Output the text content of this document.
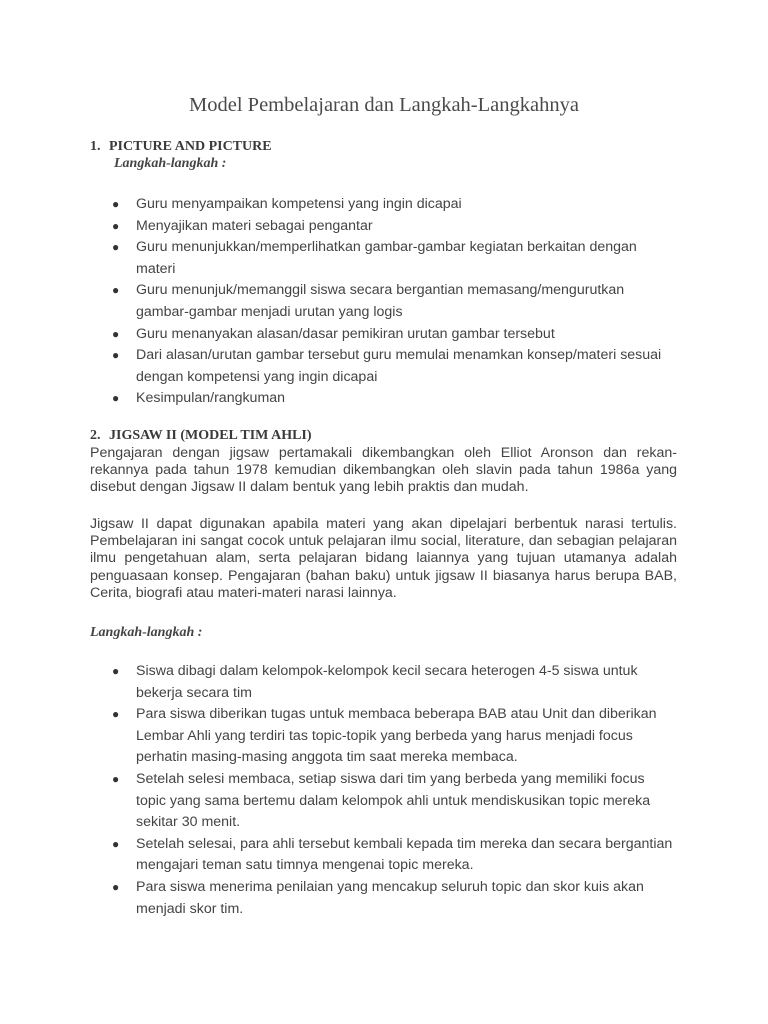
Model Pembelajaran dan Langkah-Langkahnya
1. PICTURE AND PICTURE
Langkah-langkah :
● Guru menyampaikan kompetensi yang ingin dicapai
● Menyajikan materi sebagai pengantar
● Guru menunjukkan/memperlihatkan gambar-gambar kegiatan berkaitan dengan materi
● Guru menunjuk/memanggil siswa secara bergantian memasang/mengurutkan gambar-gambar menjadi urutan yang logis
● Guru menanyakan alasan/dasar pemikiran urutan gambar tersebut
● Dari alasan/urutan gambar tersebut guru memulai menamkan konsep/materi sesuai dengan kompetensi yang ingin dicapai
● Kesimpulan/rangkuman
2. JIGSAW II (MODEL TIM AHLI)

Pengajaran dengan jigsaw pertamakali dikembangkan oleh Elliot Aronson dan rekan-rekannya pada tahun 1978 kemudian dikembangkan oleh slavin pada tahun 1986a yang disebut dengan Jigsaw II dalam bentuk yang lebih praktis dan mudah.

Jigsaw II dapat digunakan apabila materi yang akan dipelajari berbentuk narasi tertulis. Pembelajaran ini sangat cocok untuk pelajaran ilmu social, literature, dan sebagian pelajaran ilmu pengetahuan alam, serta pelajaran bidang laiannya yang tujuan utamanya adalah penguasaan konsep. Pengajaran (bahan baku) untuk jigsaw II biasanya harus berupa BAB, Cerita, biografi atau materi-materi narasi lainnya.

Langkah-langkah :
● Siswa dibagi dalam kelompok-kelompok kecil secara heterogen 4-5 siswa untuk bekerja secara tim
● Para siswa diberikan tugas untuk membaca beberapa BAB atau Unit dan diberikan Lembar Ahli yang terdiri tas topic-topik yang berbeda yang harus menjadi focus perhatin masing-masing anggota tim saat mereka membaca.
● Setelah selesi membaca, setiap siswa dari tim yang berbeda yang memiliki focus topic yang sama bertemu dalam kelompok ahli untuk mendiskusikan topic mereka sekitar 30 menit.
● Setelah selesai, para ahli tersebut kembali kepada tim mereka dan secara bergantian mengajari teman satu timnya mengenai topic mereka.
● Para siswa menerima penilaian yang mencakup seluruh topic dan skor kuis akan menjadi skor tim.
